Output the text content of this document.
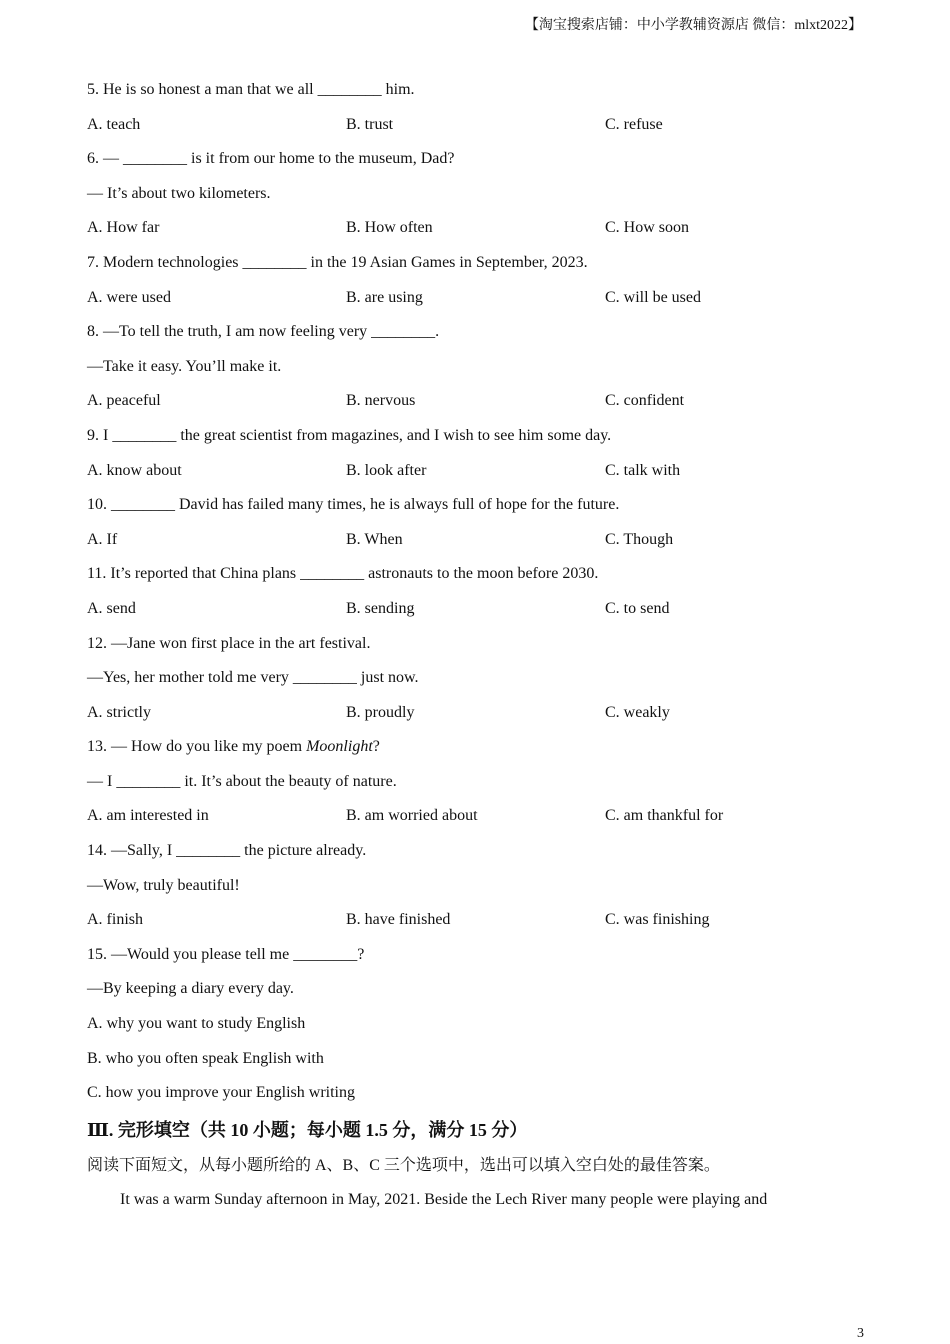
【淘宝搜索店铺：中小学教辅资源店 微信：mlxt2022】
5. He is so honest a man that we all ________ him.
A. teach	B. trust	C. refuse
6. — ________ is it from our home to the museum, Dad?
— It’s about two kilometers.
A. How far	B. How often	C. How soon
7. Modern technologies ________ in the 19 Asian Games in September, 2023.
A. were used	B. are using	C. will be used
8. —To tell the truth, I am now feeling very ________.
—Take it easy. You’ll make it.
A. peaceful	B. nervous	C. confident
9. I ________ the great scientist from magazines, and I wish to see him some day.
A. know about	B. look after	C. talk with
10. ________ David has failed many times, he is always full of hope for the future.
A. If	B. When	C. Though
11. It’s reported that China plans ________ astronauts to the moon before 2030.
A. send	B. sending	C. to send
12. —Jane won first place in the art festival.
—Yes, her mother told me very ________ just now.
A. strictly	B. proudly	C. weakly
13. — How do you like my poem Moonlight?
— I ________ it. It’s about the beauty of nature.
A. am interested in	B. am worried about	C. am thankful for
14. —Sally, I ________ the picture already.
—Wow, truly beautiful!
A. finish	B. have finished	C. was finishing
15. —Would you please tell me ________?
—By keeping a diary every day.
A. why you want to study English
B. who you often speak English with
C. how you improve your English writing
Ⅲ. 完形填空（共 10 小题；每小题 1.5 分，满分 15 分）
阅读下面短文，从每小题所给的 A、B、C 三个选项中，选出可以填入空白处的最佳答案。
It was a warm Sunday afternoon in May, 2021. Beside the Lech River many people were playing and
3
